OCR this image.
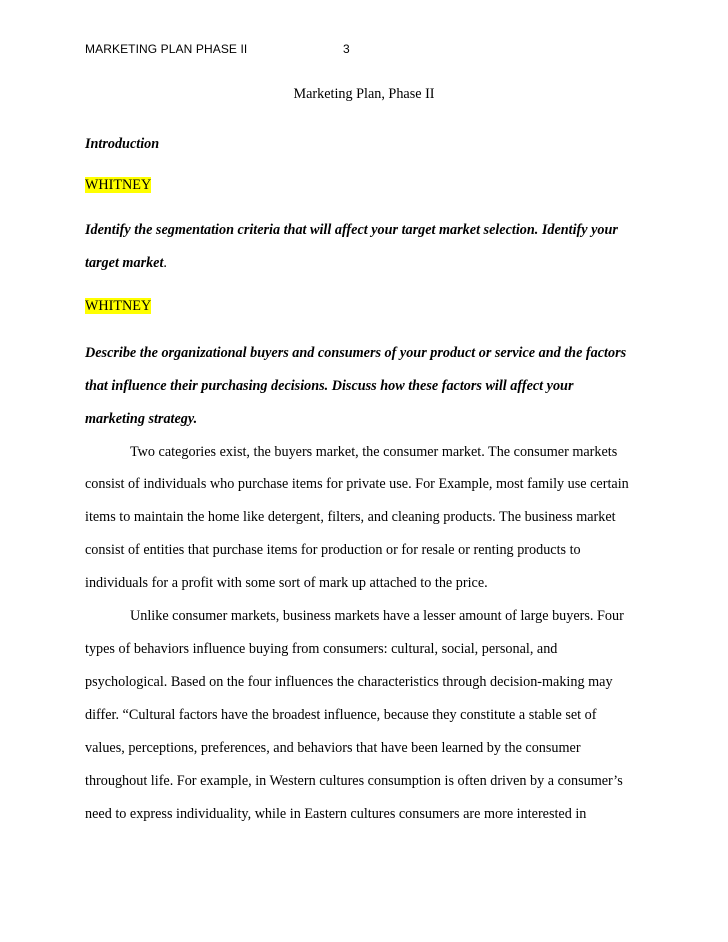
MARKETING PLAN PHASE II	3
Marketing Plan, Phase II
Introduction
WHITNEY
Identify the segmentation criteria that will affect your target market selection. Identify your
target market.
WHITNEY
Describe the organizational buyers and consumers of your product or service and the factors
that influence their purchasing decisions. Discuss how these factors will affect your
marketing strategy.
Two categories exist, the buyers market, the consumer market. The consumer markets
consist of individuals who purchase items for private use. For Example, most family use certain
items to maintain the home like detergent, filters, and cleaning products. The business market
consist of entities that purchase items for production or for resale or renting products to
individuals for a profit with some sort of mark up attached to the price.
Unlike consumer markets, business markets have a lesser amount of large buyers. Four
types of behaviors influence buying from consumers: cultural, social, personal, and
psychological. Based on the four influences the characteristics through decision-making may
differ. “Cultural factors have the broadest influence, because they constitute a stable set of
values, perceptions, preferences, and behaviors that have been learned by the consumer
throughout life. For example, in Western cultures consumption is often driven by a consumer’s
need to express individuality, while in Eastern cultures consumers are more interested in
